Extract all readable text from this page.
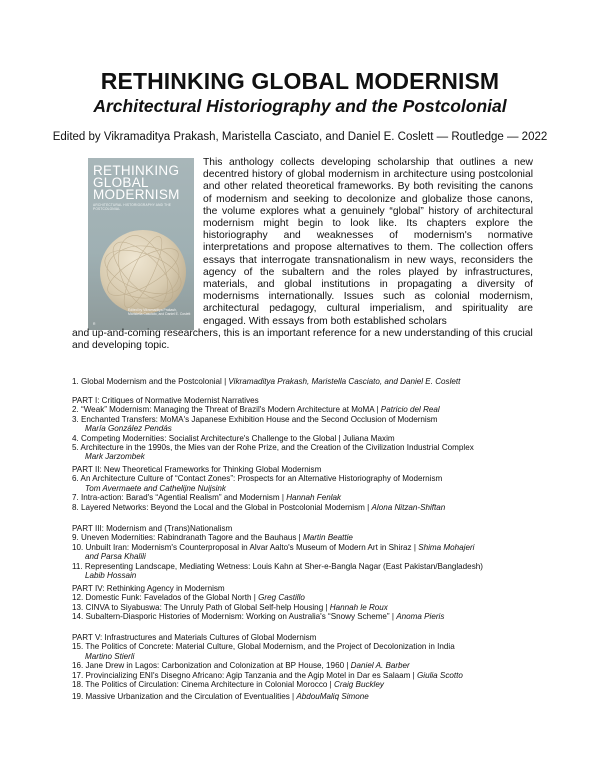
RETHINKING GLOBAL MODERNISM
Architectural Historiography and the Postcolonial
Edited by Vikramaditya Prakash, Maristella Casciato, and Daniel E. Coslett — Routledge — 2022
RETHINKING
GLOBAL
MODERNISM
ARCHITECTURAL HISTORIOGRAPHY AND THE POSTCOLONIAL
Edited by Vikramaditya Prakash,
Maristella Casciato, and Daniel E. Coslett
R
This anthology collects developing scholarship that outlines a new decentred history of global modernism in architecture using postcolonial and other related theoretical frameworks. By both revisiting the canons of modernism and seeking to decolonize and globalize those canons, the volume explores what a genuinely “global” history of architectural modernism might begin to look like. Its chapters explore the historiography and weaknesses of modernism's normative interpretations and propose alternatives to them. The collection offers essays that interrogate transnationalism in new ways, reconsiders the agency of the subaltern and the roles played by infrastructures, materials, and global institutions in propagating a diversity of modernisms internationally. Issues such as colonial modernism, architectural pedagogy, cultural imperialism, and spirituality are engaged. With essays from both established scholars
and up-and-coming researchers, this is an important reference for a new understanding of this crucial and developing topic.
1. Global Modernism and the Postcolonial | Vikramaditya Prakash, Maristella Casciato, and Daniel E. Coslett
PART I: Critiques of Normative Modernist Narratives
2. “Weak” Modernism: Managing the Threat of Brazil's Modern Architecture at MoMA | Patricio del Real
3. Enchanted Transfers: MoMA's Japanese Exhibition House and the Second Occlusion of Modernism
María González Pendás
4. Competing Modernities: Socialist Architecture's Challenge to the Global | Juliana Maxim
5. Architecture in the 1990s, the Mies van der Rohe Prize, and the Creation of the Civilization Industrial Complex
Mark Jarzombek
PART II: New Theoretical Frameworks for Thinking Global Modernism
6. An Architecture Culture of “Contact Zones”: Prospects for an Alternative Historiography of Modernism
Tom Avermaete and Cathelijne Nuijsink
7. Intra-action: Barad's “Agential Realism” and Modernism | Hannah Fenlak
8. Layered Networks: Beyond the Local and the Global in Postcolonial Modernism | Alona Nitzan-Shiftan
PART III: Modernism and (Trans)Nationalism
9. Uneven Modernities: Rabindranath Tagore and the Bauhaus | Martin Beattie
10. Unbuilt Iran: Modernism's Counterproposal in Alvar Aalto's Museum of Modern Art in Shiraz | Shima Mohajeri
and Parsa Khalili
11. Representing Landscape, Mediating Wetness: Louis Kahn at Sher-e-Bangla Nagar (East Pakistan/Bangladesh)
Labib Hossain
PART IV: Rethinking Agency in Modernism
12. Domestic Funk: Favelados of the Global North | Greg Castillo
13. CINVA to Siyabuswa: The Unruly Path of Global Self-help Housing | Hannah le Roux
14. Subaltern-Diasporic Histories of Modernism: Working on Australia's “Snowy Scheme” | Anoma Pieris
PART V: Infrastructures and Materials Cultures of Global Modernism
15. The Politics of Concrete: Material Culture, Global Modernism, and the Project of Decolonization in India
Martino Stierli
16. Jane Drew in Lagos: Carbonization and Colonization at BP House, 1960 | Daniel A. Barber
17. Provincializing ENI's Disegno Africano: Agip Tanzania and the Agip Motel in Dar es Salaam | Giulia Scotto
18. The Politics of Circulation: Cinema Architecture in Colonial Morocco | Craig Buckley
19. Massive Urbanization and the Circulation of Eventualities | AbdouMaliq Simone
